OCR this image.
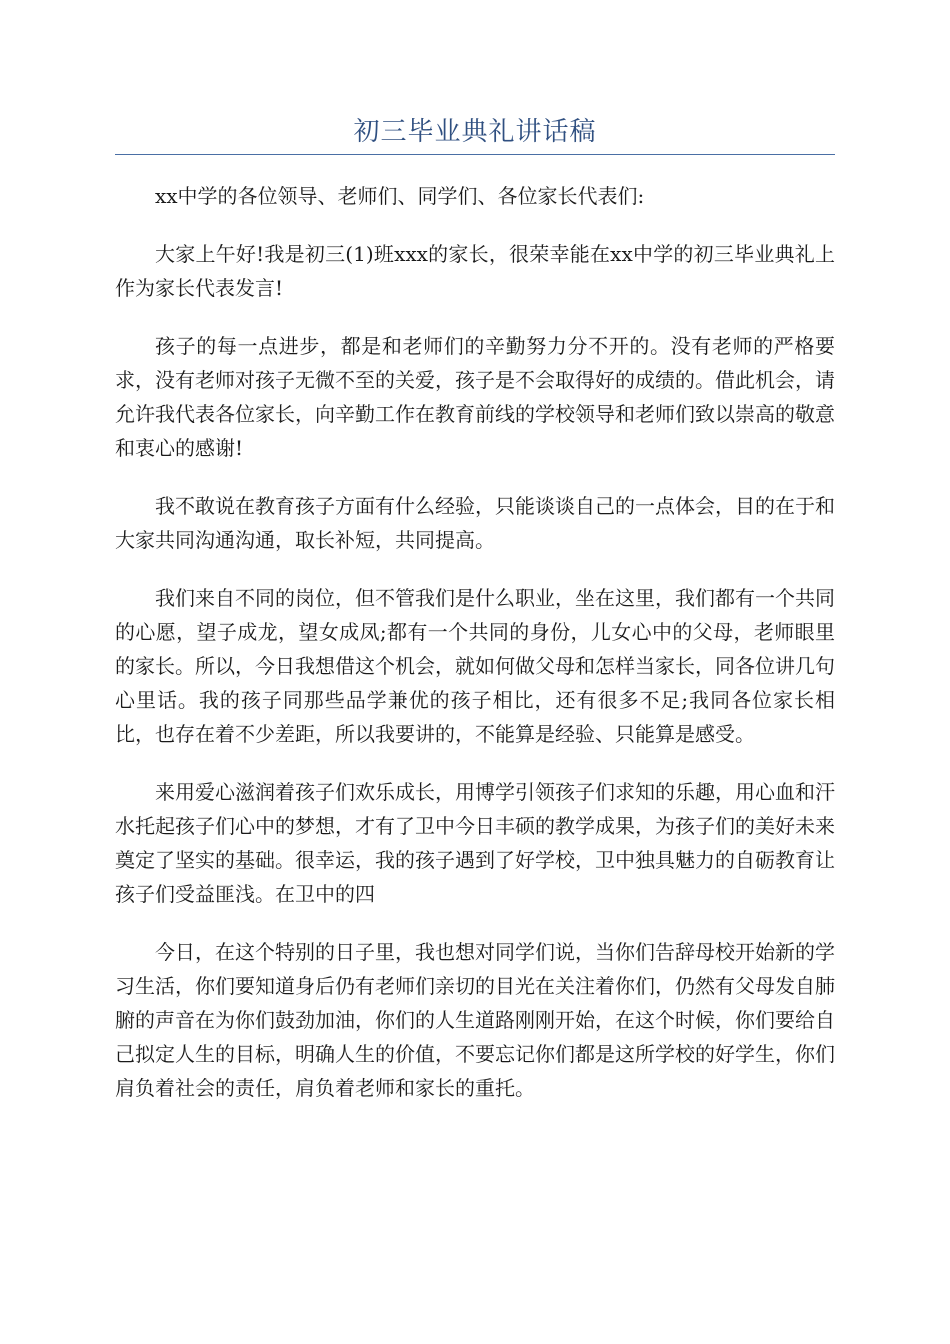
初三毕业典礼讲话稿

xx中学的各位领导、老师们、同学们、各位家长代表们:

大家上午好!我是初三(1)班xxx的家长，很荣幸能在xx中学的初三毕业典礼上作为家长代表发言!

孩子的每一点进步，都是和老师们的辛勤努力分不开的。没有老师的严格要求，没有老师对孩子无微不至的关爱，孩子是不会取得好的成绩的。借此机会，请允许我代表各位家长，向辛勤工作在教育前线的学校领导和老师们致以崇高的敬意和衷心的感谢!

我不敢说在教育孩子方面有什么经验，只能谈谈自己的一点体会，目的在于和大家共同沟通沟通，取长补短，共同提高。

我们来自不同的岗位，但不管我们是什么职业，坐在这里，我们都有一个共同的心愿，望子成龙，望女成凤;都有一个共同的身份，儿女心中的父母，老师眼里的家长。所以，今日我想借这个机会，就如何做父母和怎样当家长，同各位讲几句心里话。我的孩子同那些品学兼优的孩子相比，还有很多不足;我同各位家长相比，也存在着不少差距，所以我要讲的，不能算是经验、只能算是感受。

来用爱心滋润着孩子们欢乐成长，用博学引领孩子们求知的乐趣，用心血和汗水托起孩子们心中的梦想，才有了卫中今日丰硕的教学成果，为孩子们的美好未来奠定了坚实的基础。很幸运，我的孩子遇到了好学校，卫中独具魅力的自砺教育让孩子们受益匪浅。在卫中的四

今日，在这个特别的日子里，我也想对同学们说，当你们告辞母校开始新的学习生活，你们要知道身后仍有老师们亲切的目光在关注着你们，仍然有父母发自肺腑的声音在为你们鼓劲加油，你们的人生道路刚刚开始，在这个时候，你们要给自己拟定人生的目标，明确人生的价值，不要忘记你们都是这所学校的好学生，你们肩负着社会的责任，肩负着老师和家长的重托。
